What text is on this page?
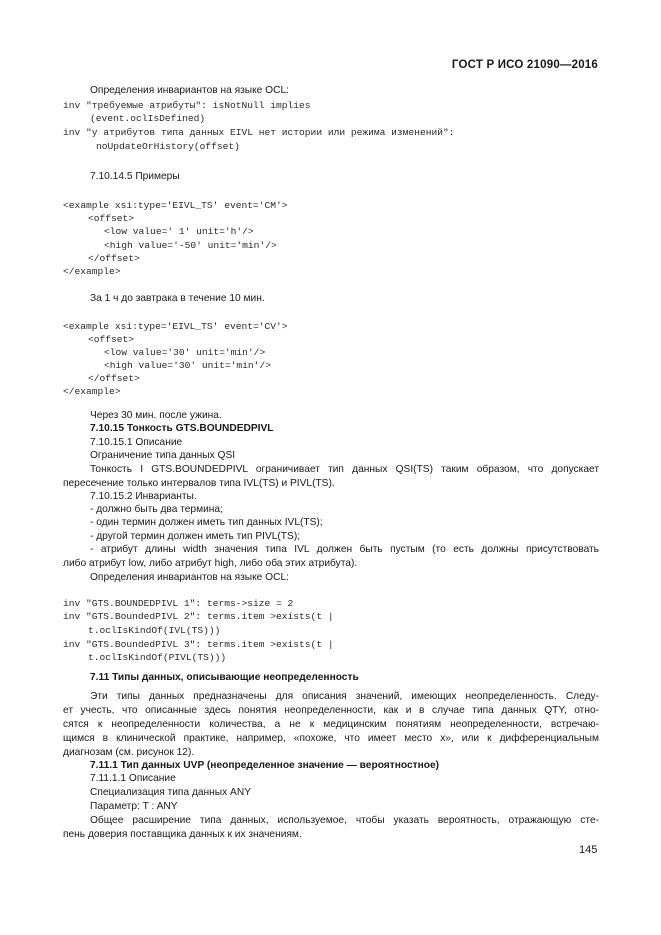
ГОСТ Р ИСО 21090—2016
Определения инвариантов на языке OCL:
inv "требуемые атрибуты": isNotNull implies
(event.oclIsDefined)
inv "у атрибутов типа данных EIVL нет истории или режима изменений":
noUpdateOrHistory(offset)
7.10.14.5 Примеры
<example xsi:type='EIVL_TS' event='CM'>
<offset>
<low value=' 1' unit='h'/>
<high value='-50' unit='min'/>
</offset>
</example>
За 1 ч до завтрака в течение 10 мин.
<example xsi:type='EIVL_TS' event='CV'>
<offset>
<low value='30' unit='min'/>
<high value='30' unit='min'/>
</offset>
</example>
Через 30 мин. после ужина.
7.10.15 Тонкость GTS.BOUNDEDPIVL
7.10.15.1 Описание
Ограничение типа данных QSI
Тонкость I GTS.BOUNDEDPIVL ограничивает тип данных QSI(TS) таким образом, что допускает
пересечение только интервалов типа IVL(TS) и PIVL(TS).
7.10.15.2 Инварианты.
- должно быть два термина;
- один термин должен иметь тип данных IVL(TS);
- другой термин должен иметь тип PIVL(TS);
- атрибут длины width значения типа IVL должен быть пустым (то есть должны присутствовать
либо атрибут low, либо атрибут high, либо оба этих атрибута).
Определения инвариантов на языке OCL:
inv "GTS.BOUNDEDPIVL 1": terms->size = 2
inv "GTS.BoundedPIVL 2": terms.item >exists(t |
t.oclIsKindOf(IVL(TS)))
inv "GTS.BoundedPIVL 3": terms.item >exists(t |
t.oclIsKindOf(PIVL(TS)))
7.11 Типы данных, описывающие неопределенность
Эти типы данных предназначены для описания значений, имеющих неопределенность. Следу-
ет учесть, что описанные здесь понятия неопределенности, как и в случае типа данных QTY, отно-
сятся к неопределенности количества, а не к медицинским понятиям неопределенности, встречаю-
щимся в клинической практике, например, «похоже, что имеет место x», или к дифференциальным
диагнозам (см. рисунок 12).
7.11.1 Тип данных UVP (неопределенное значение — вероятностное)
7.11.1.1 Описание
Специализация типа данных ANY
Параметр: T : ANY
Общее расширение типа данных, используемое, чтобы указать вероятность, отражающую сте-
пень доверия поставщика данных к их значениям.
145
